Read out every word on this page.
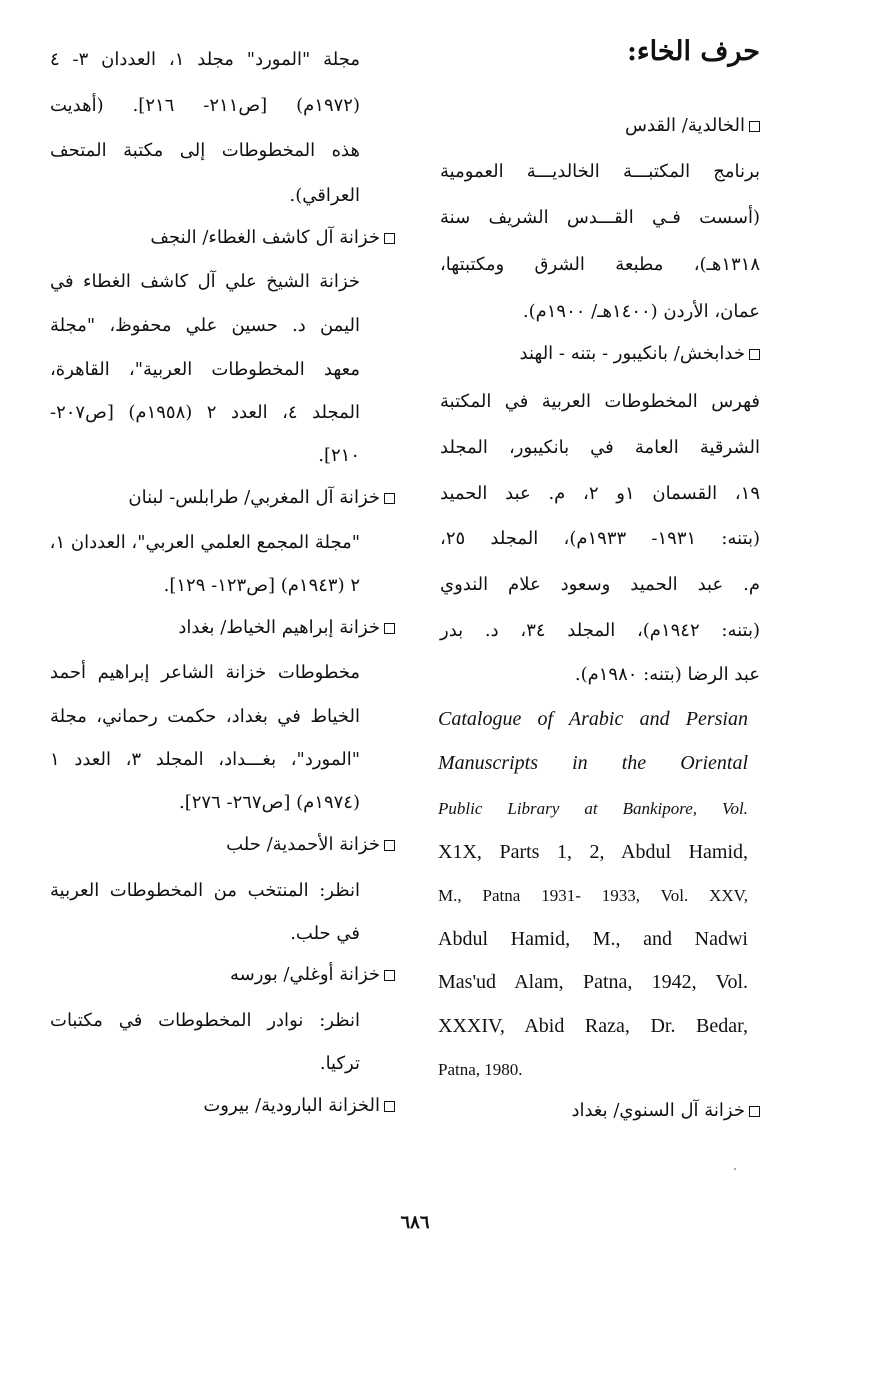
حرف الخاء:
الخالدية/ القدس
برنامج المكتبـــة الخالديـــة العمومية
(أسست فـي القـــدس الشريف سنة
١٣١٨هـ)، مطبعة الشرق ومكتبتها،
عمان، الأردن (١٤٠٠هـ/ ١٩٠٠م).
خدابخش/ بانكيبور - بتنه - الهند
فهرس المخطوطات العربية في المكتبة
الشرقية العامة في بانكيبور، المجلد
١٩، القسمان ١و ٢، م. عبد الحميد
(بتنه: ١٩٣١- ١٩٣٣م)، المجلد ٢٥،
م. عبد الحميد وسعود علام الندوي
(بتنه: ١٩٤٢م)، المجلد ٣٤، د. بدر
عبد الرضا (بتنه: ١٩٨٠م).
خزانة آل السنوي/ بغداد
Catalogue of Arabic and Persian
Manuscripts in the Oriental
Public Library at Bankipore, Vol.
X1X, Parts 1, 2, Abdul Hamid,
M., Patna 1931- 1933, Vol. XXV,
Abdul Hamid, M., and Nadwi
Mas'ud Alam, Patna, 1942, Vol.
XXXIV, Abid Raza, Dr. Bedar,
Patna, 1980.
مجلة "المورد" مجلد ١، العددان ٣- ٤
(١٩٧٢م) [ص٢١١- ٢١٦]. (أهديت
هذه المخطوطات إلى مكتبة المتحف
العراقي).
خزانة آل كاشف الغطاء/ النجف
خزانة الشيخ علي آل كاشف الغطاء في
اليمن د. حسين علي محفوظ، "مجلة
معهد المخطوطات العربية"، القاهرة،
المجلد ٤، العدد ٢ (١٩٥٨م) [ص٢٠٧-
٢١٠].
خزانة آل المغربي/ طرابلس- لبنان
"مجلة المجمع العلمي العربي"، العددان ١،
٢ (١٩٤٣م) [ص١٢٣- ١٢٩].
خزانة إبراهيم الخياط/ بغداد
مخطوطات خزانة الشاعر إبراهيم أحمد
الخياط في بغداد، حكمت رحماني، مجلة
"المورد"، بغـــداد، المجلد ٣، العدد ١
(١٩٧٤م) [ص٢٦٧- ٢٧٦].
خزانة الأحمدية/ حلب
انظر: المنتخب من المخطوطات العربية
في حلب.
خزانة أوغلي/ بورسه
انظر: نوادر المخطوطات في مكتبات
تركيا.
الخزانة البارودية/ بيروت
٦٨٦
